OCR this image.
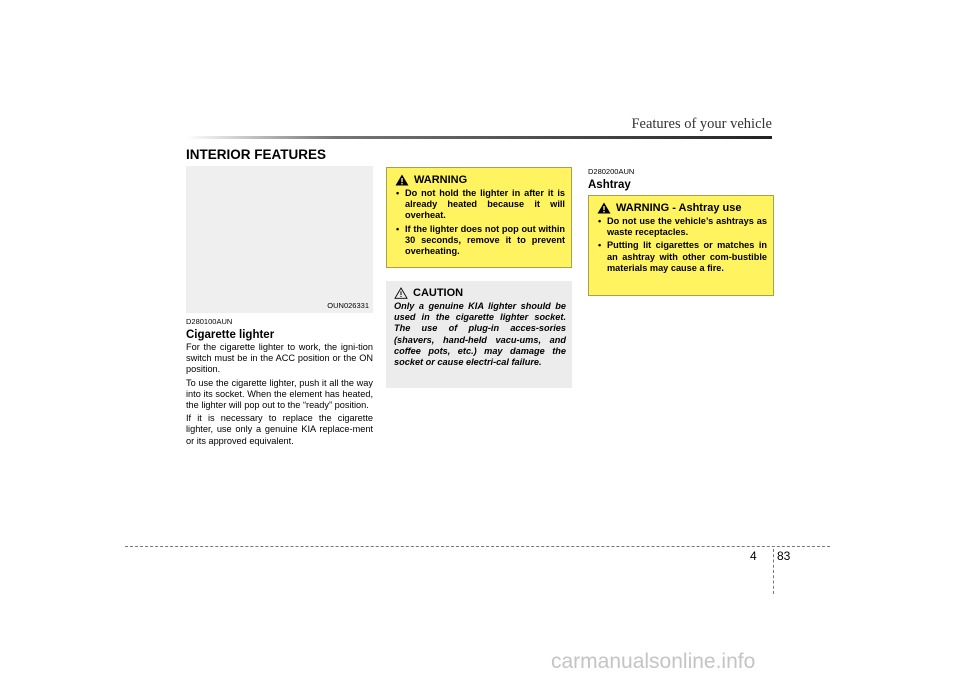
Features of your vehicle
INTERIOR FEATURES
OUN026331
D280100AUN
Cigarette lighter

For the cigarette lighter to work, the igni-tion switch must be in the ACC position or the ON position.

To use the cigarette lighter, push it all the way into its socket. When the element has heated, the lighter will pop out to the “ready” position.

If it is necessary to replace the cigarette lighter, use only a genuine KIA replace-ment or its approved equivalent.

WARNING
• Do not hold the lighter in after it is already heated because it will overheat.
• If the lighter does not pop out within 30 seconds, remove it to prevent overheating.
CAUTION

Only a genuine KIA lighter should be used in the cigarette lighter socket. The use of plug-in acces-sories (shavers, hand-held vacu-ums, and coffee pots, etc.) may damage the socket or cause electri-cal failure.

D280200AUN
Ashtray
WARNING - Ashtray use
• Do not use the vehicle’s ashtrays as waste receptacles.
• Putting lit cigarettes or matches in an ashtray with other com-bustible materials may cause a fire.
4 83
carmanualsonline.info
